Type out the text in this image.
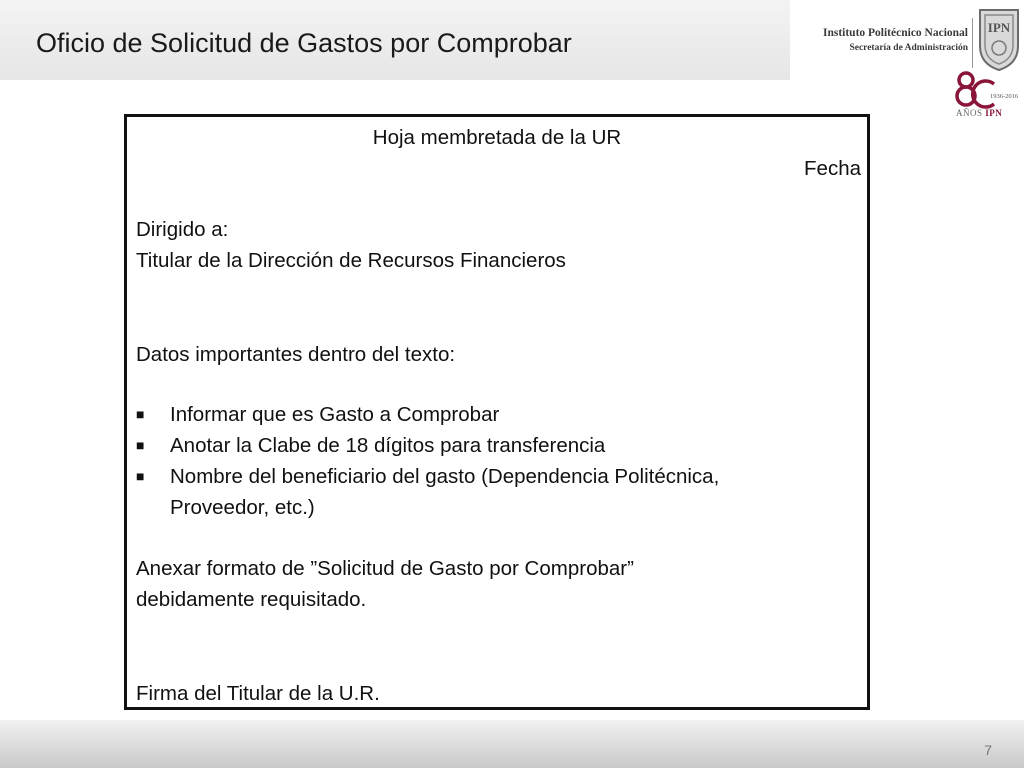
Oficio de Solicitud de Gastos por Comprobar	Instituto Politécnico Nacional
Secretaría de Administración
IPN
1936-2016
AÑOS IPN
Hoja membretada de la UR
Fecha
Dirigido a:
Titular de la Dirección de Recursos Financieros
Datos importantes dentro del texto:
■ Informar que es Gasto a Comprobar
■ Anotar la Clabe de 18 dígitos para transferencia
■ Nombre del beneficiario del gasto (Dependencia Politécnica,
Proveedor, etc.)
Anexar formato de ”Solicitud de Gasto por Comprobar”
debidamente requisitado.
Firma del Titular de la U.R.
7
